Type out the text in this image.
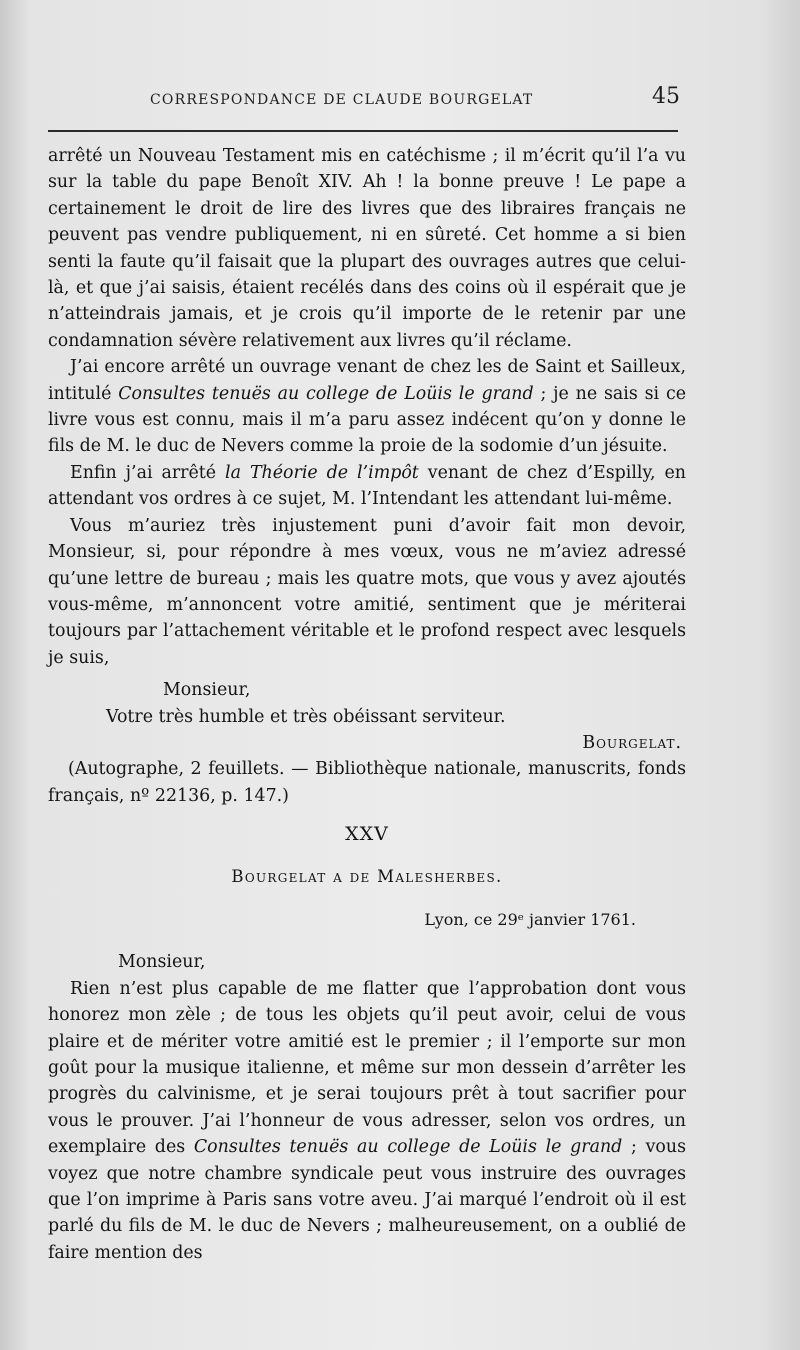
CORRESPONDANCE DE CLAUDE BOURGELAT	45

arrêté un Nouveau Testament mis en catéchisme ; il m’écrit qu’il l’a vu sur la table du pape Benoît XIV. Ah ! la bonne preuve ! Le pape a certainement le droit de lire des livres que des libraires français ne peuvent pas vendre publiquement, ni en sûreté. Cet homme a si bien senti la faute qu’il faisait que la plupart des ouvrages autres que celui-là, et que j’ai saisis, étaient recélés dans des coins où il espérait que je n’atteindrais jamais, et je crois qu’il importe de le retenir par une condamnation sévère relativement aux livres qu’il réclame.

J’ai encore arrêté un ouvrage venant de chez les de Saint et Sailleux, intitulé Consultes tenuës au college de Loüis le grand ; je ne sais si ce livre vous est connu, mais il m’a paru assez indécent qu’on y donne le fils de M. le duc de Nevers comme la proie de la sodomie d’un jésuite.

Enfin j’ai arrêté la Théorie de l’impôt venant de chez d’Espilly, en attendant vos ordres à ce sujet, M. l’Intendant les attendant lui-même.

Vous m’auriez très injustement puni d’avoir fait mon devoir, Monsieur, si, pour répondre à mes vœux, vous ne m’aviez adressé qu’une lettre de bureau ; mais les quatre mots, que vous y avez ajoutés vous-même, m’annoncent votre amitié, sentiment que je mériterai toujours par l’attachement véritable et le profond respect avec lesquels je suis,

Monsieur,

Votre très humble et très obéissant serviteur.

Bourgelat.

(Autographe, 2 feuillets. — Bibliothèque nationale, manuscrits, fonds français, nº 22136, p. 147.)

XXV

Bourgelat a de Malesherbes.

Lyon, ce 29ᵉ janvier 1761.

Monsieur,

Rien n’est plus capable de me flatter que l’approbation dont vous honorez mon zèle ; de tous les objets qu’il peut avoir, celui de vous plaire et de mériter votre amitié est le premier ; il l’emporte sur mon goût pour la musique italienne, et même sur mon dessein d’arrêter les progrès du calvinisme, et je serai toujours prêt à tout sacrifier pour vous le prouver. J’ai l’honneur de vous adresser, selon vos ordres, un exemplaire des Consultes tenuës au college de Loüis le grand ; vous voyez que notre chambre syndicale peut vous instruire des ouvrages que l’on imprime à Paris sans votre aveu. J’ai marqué l’endroit où il est parlé du fils de M. le duc de Nevers ; malheureusement, on a oublié de faire mention des
